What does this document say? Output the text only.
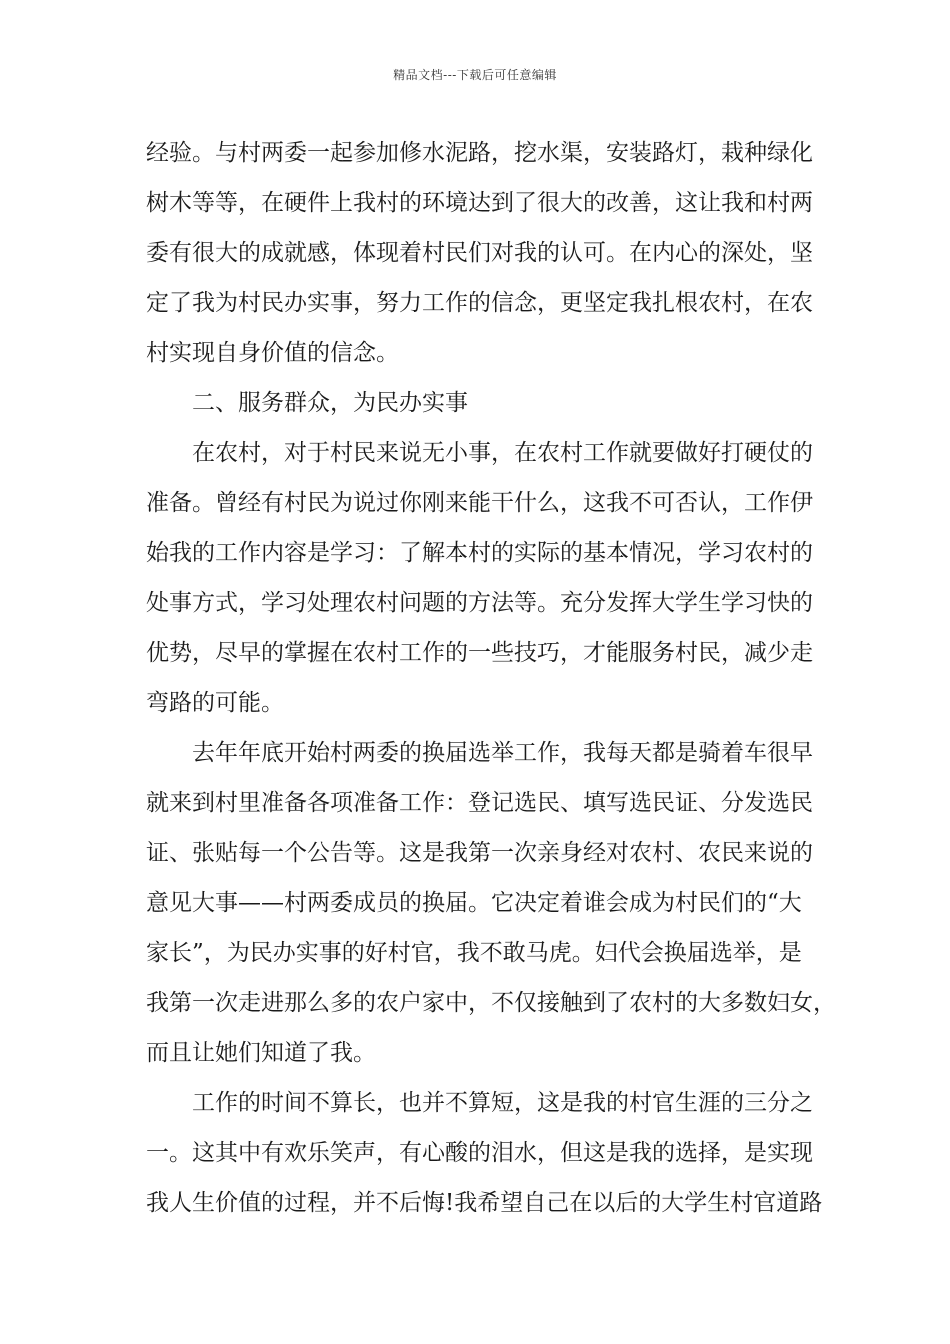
精品文档---下载后可任意编辑
经验。与村两委一起参加修水泥路，挖水渠，安装路灯，栽种绿化
树木等等，在硬件上我村的环境达到了很大的改善，这让我和村两
委有很大的成就感，体现着村民们对我的认可。在内心的深处，坚
定了我为村民办实事，努力工作的信念，更坚定我扎根农村，在农
村实现自身价值的信念。
二、服务群众，为民办实事
在农村，对于村民来说无小事，在农村工作就要做好打硬仗的
准备。曾经有村民为说过你刚来能干什么，这我不可否认，工作伊
始我的工作内容是学习：了解本村的实际的基本情况，学习农村的
处事方式，学习处理农村问题的方法等。充分发挥大学生学习快的
优势，尽早的掌握在农村工作的一些技巧，才能服务村民，减少走
弯路的可能。
去年年底开始村两委的换届选举工作，我每天都是骑着车很早
就来到村里准备各项准备工作：登记选民、填写选民证、分发选民
证、张贴每一个公告等。这是我第一次亲身经对农村、农民来说的
意见大事——村两委成员的换届。它决定着谁会成为村民们的“大
家长”，为民办实事的好村官，我不敢马虎。妇代会换届选举，是
我第一次走进那么多的农户家中，不仅接触到了农村的大多数妇女，
而且让她们知道了我。
工作的时间不算长，也并不算短，这是我的村官生涯的三分之
一。这其中有欢乐笑声，有心酸的泪水，但这是我的选择，是实现
我人生价值的过程，并不后悔!我希望自己在以后的大学生村官道路
